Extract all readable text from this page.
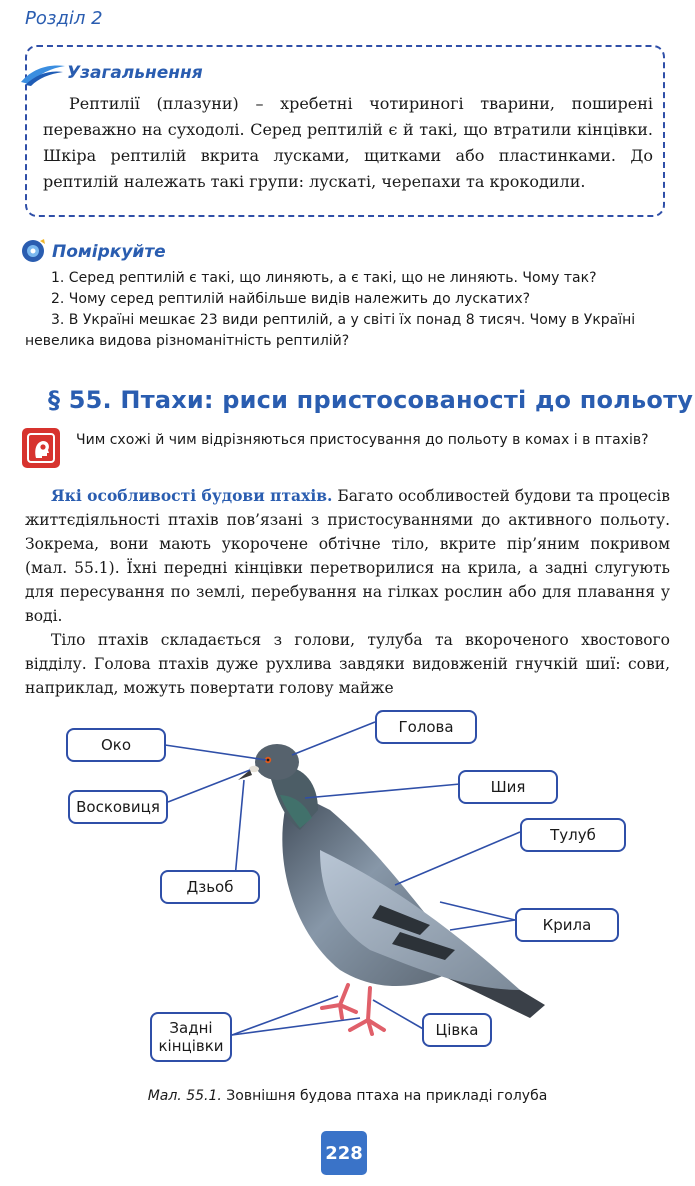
Розділ 2
Узагальнення
Рептилії (плазуни) – хребетні чотириногі тварини, поширені переважно на суходолі. Серед рептилій є й такі, що втратили кінцівки. Шкіра рептилій вкрита лусками, щитками або пластинками. До рептилій належать такі групи: лускаті, черепахи та крокодили.
Поміркуйте
1. Серед рептилій є такі, що линяють, а є такі, що не линяють. Чому так?
2. Чому серед рептилій найбільше видів належить до лускатих?
3. В Україні мешкає 23 види рептилій, а у світі їх понад 8 тисяч. Чому в Україні невелика видова різноманітність рептилій?
§ 55. Птахи: риси пристосованості до польоту
Чим схожі й чим відрізняються пристосування до польоту в комах і в птахів?

Які особливості будови птахів. Багато особливостей будови та процесів життєдіяльності птахів пов’язані з пристосуваннями до активного польоту. Зокрема, вони мають укорочене обтічне тіло, вкрите пір’яним покривом (мал. 55.1). Їхні передні кінцівки перетворилися на крила, а задні слугують для пересування по землі, перебування на гілках рослин або для плавання у воді.

Тіло птахів складається з голови, тулуба та вкороченого хвостового відділу. Голова птахів дуже рухлива завдяки видовженій гнучкій шиї: сови, наприклад, можуть повертати голову майже

Око
Голова
Восковиця
Шия
Тулуб
Дзьоб
Крила
Цівка
Задні
кінцівки
Мал. 55.1. Зовнішня будова птаха на прикладі голуба
228
